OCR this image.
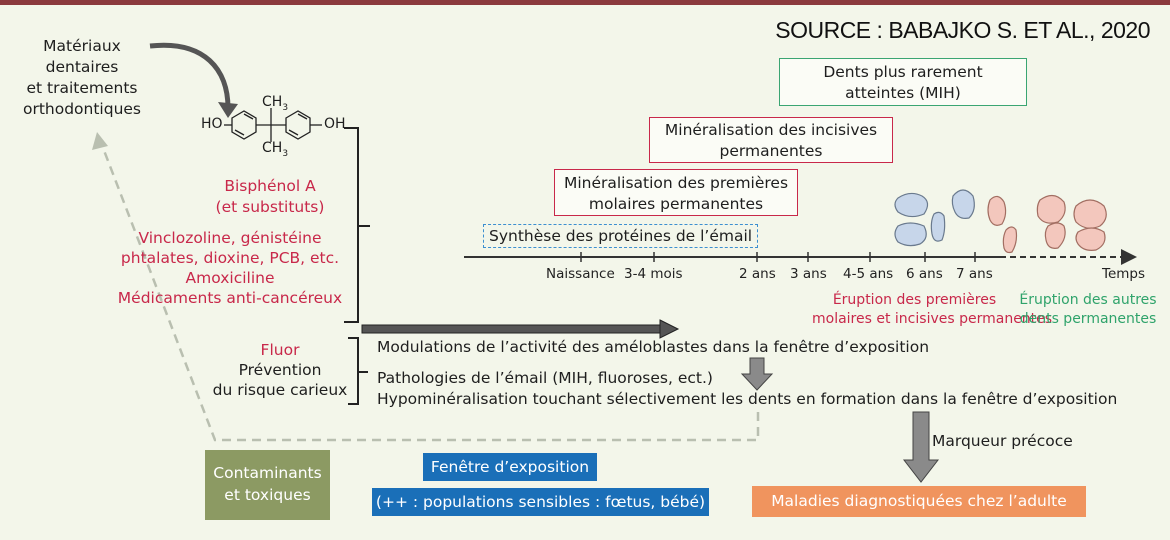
SOURCE : BABAJKO S. ET AL., 2020
Matériaux
dentaires
et traitements
orthodontiques
HO	OH
$CH_3$
$CH_3$
Bisphénol A
(et substituts)
Vinclozoline, génistéine
phtalates, dioxine, PCB, etc.
Amoxiciline
Médicaments anti-cancéreux
Fluor
Prévention
du risque carieux
Dents plus rarement
atteintes (MIH)
Minéralisation des incisives
permanentes
Minéralisation des premières
molaires permanentes
Synthèse des protéines de l’émail
Naissance 3-4 mois	2 ans 3 ans 4-5 ans 6 ans 7 ans	Temps
Éruption des premières
molaires et incisives permanentes
Éruption des autres
dents permanentes
Modulations de l’activité des améloblastes dans la fenêtre d’exposition
Pathologies de l’émail (MIH, fluoroses, ect.)
Hypominéralisation touchant sélectivement les dents en formation dans la fenêtre d’exposition
Marqueur précoce
Contaminants
et toxiques
Fenêtre d’exposition
(++ : populations sensibles : fœtus, bébé)	Maladies diagnostiquées chez l’adulte
